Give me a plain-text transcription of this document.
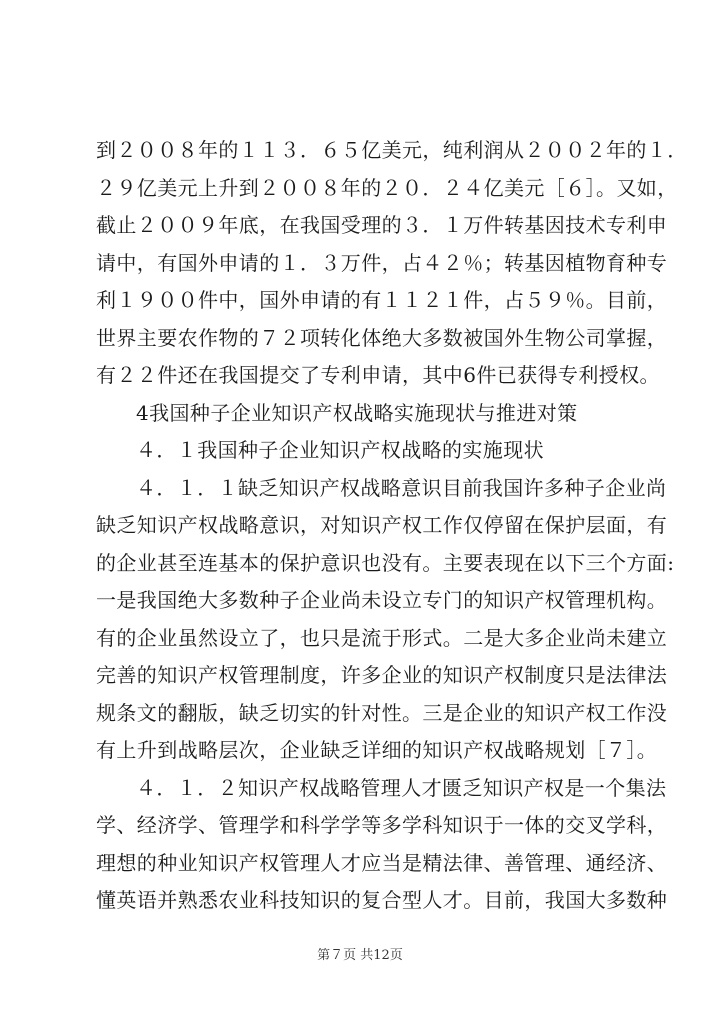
到２００８年的１１３．６５亿美元，纯利润从２００２年的１．
２９亿美元上升到２００８年的２０．２４亿美元［６］。又如，
截止２００９年底，在我国受理的３．１万件转基因技术专利申
请中，有国外申请的１．３万件，占４２％；转基因植物育种专
利１９００件中，国外申请的有１１２１件，占５９％。目前，
世界主要农作物的７２项转化体绝大多数被国外生物公司掌握，
有２２件还在我国提交了专利申请，其中6件已获得专利授权。
4我国种子企业知识产权战略实施现状与推进对策
４．１我国种子企业知识产权战略的实施现状
４．１．１缺乏知识产权战略意识目前我国许多种子企业尚
缺乏知识产权战略意识，对知识产权工作仅停留在保护层面，有
的企业甚至连基本的保护意识也没有。主要表现在以下三个方面:
一是我国绝大多数种子企业尚未设立专门的知识产权管理机构。
有的企业虽然设立了，也只是流于形式。二是大多企业尚未建立
完善的知识产权管理制度，许多企业的知识产权制度只是法律法
规条文的翻版，缺乏切实的针对性。三是企业的知识产权工作没
有上升到战略层次，企业缺乏详细的知识产权战略规划［７］。
４．１．２知识产权战略管理人才匮乏知识产权是一个集法
学、经济学、管理学和科学学等多学科知识于一体的交叉学科，
理想的种业知识产权管理人才应当是精法律、善管理、通经济、
懂英语并熟悉农业科技知识的复合型人才。目前，我国大多数种
第７页 共12页
